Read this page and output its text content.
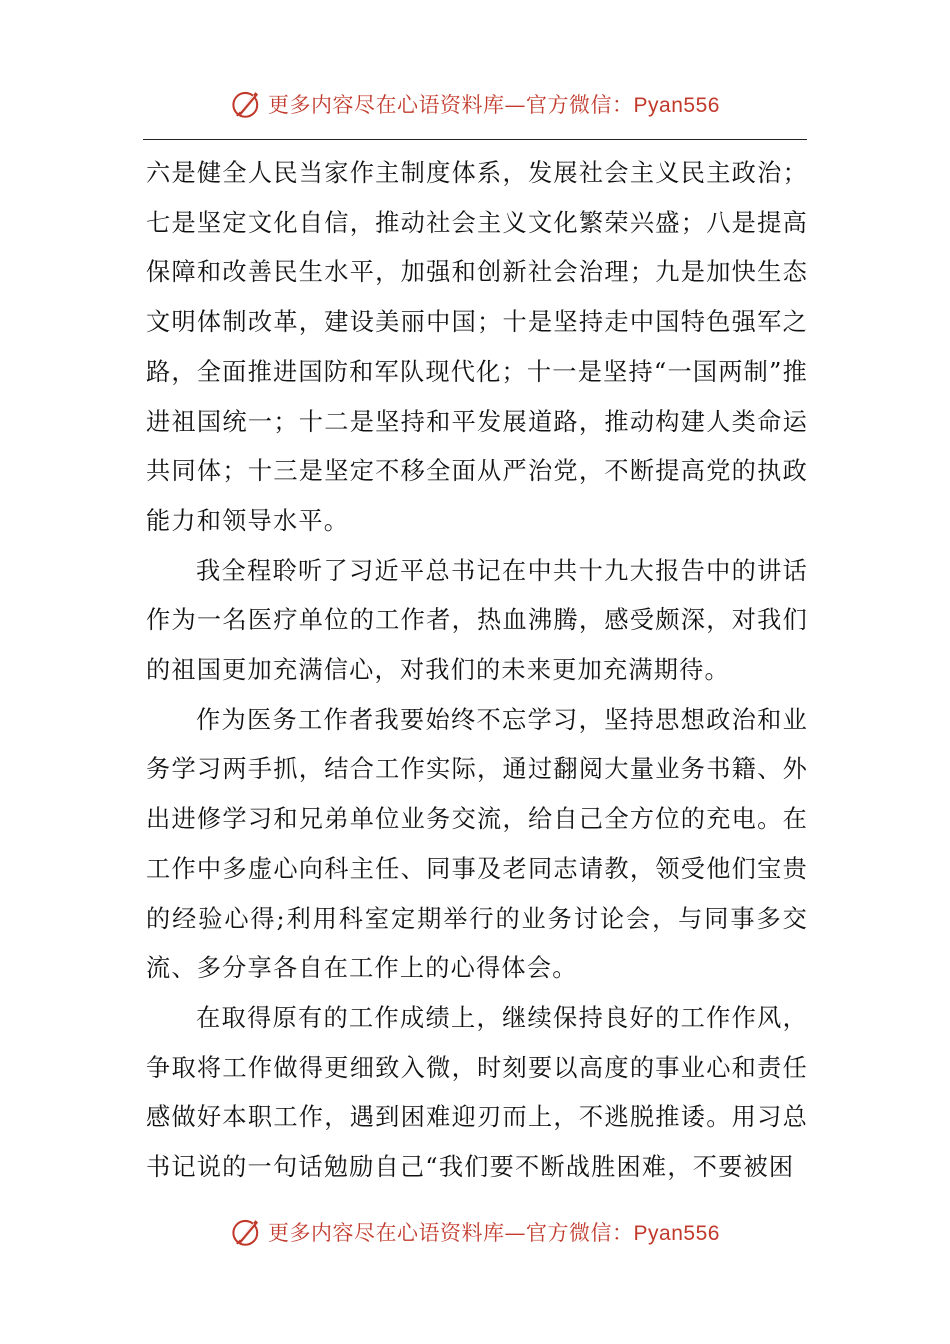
更多内容尽在心语资料库—官方微信：Pyan556

六是健全人民当家作主制度体系，发展社会主义民主政治；七是坚定文化自信，推动社会主义文化繁荣兴盛；八是提高保障和改善民生水平，加强和创新社会治理；九是加快生态文明体制改革，建设美丽中国；十是坚持走中国特色强军之路，全面推进国防和军队现代化；十一是坚持“一国两制”推进祖国统一；十二是坚持和平发展道路，推动构建人类命运共同体；十三是坚定不移全面从严治党，不断提高党的执政能力和领导水平。

我全程聆听了习近平总书记在中共十九大报告中的讲话作为一名医疗单位的工作者，热血沸腾，感受颇深，对我们的祖国更加充满信心，对我们的未来更加充满期待。

作为医务工作者我要始终不忘学习，坚持思想政治和业务学习两手抓，结合工作实际，通过翻阅大量业务书籍、外出进修学习和兄弟单位业务交流，给自己全方位的充电。在工作中多虚心向科主任、同事及老同志请教，领受他们宝贵的经验心得;利用科室定期举行的业务讨论会，与同事多交流、多分享各自在工作上的心得体会。

在取得原有的工作成绩上，继续保持良好的工作作风，争取将工作做得更细致入微，时刻要以高度的事业心和责任感做好本职工作，遇到困难迎刃而上，不逃脱推诿。用习总书记说的一句话勉励自己“我们要不断战胜困难，不要被困

更多内容尽在心语资料库—官方微信：Pyan556
